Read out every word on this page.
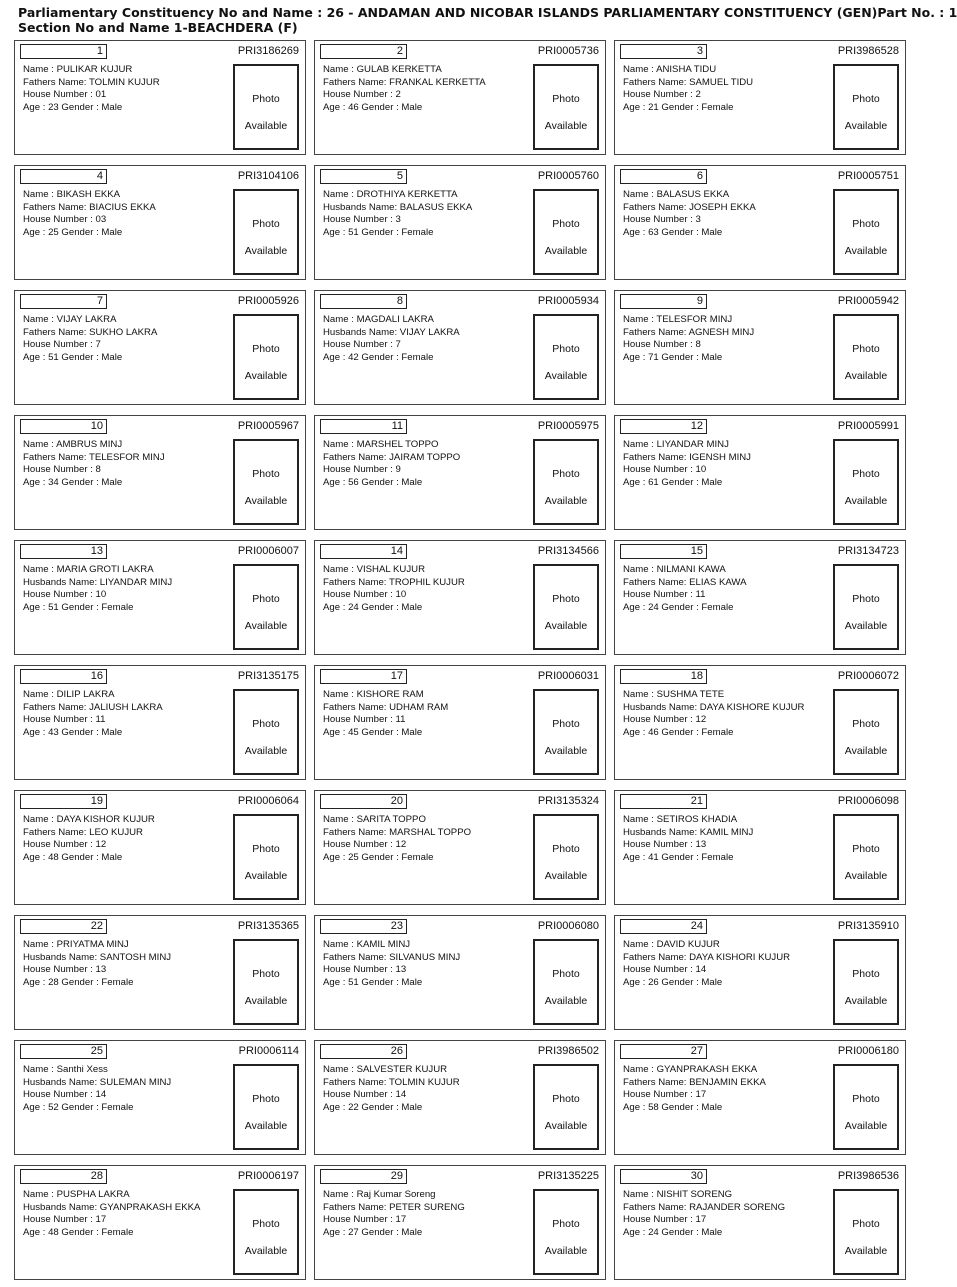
Parliamentary Constituency No and Name : 26 - ANDAMAN AND NICOBAR ISLANDS PARLIAMENTARY CONSTITUENCY (GEN) Part No. : 1
Section No and Name 1-BEACHDERA (F)
1	PRI3186269
Name : PULIKAR KUJUR
Fathers Name: TOLMIN KUJUR
House Number : 01
Age : 23 Gender : Male
Photo
Available
2	PRI0005736
Name : GULAB KERKETTA
Fathers Name: FRANKAL KERKETTA
House Number : 2
Age : 46 Gender : Male
Photo
Available
3	PRI3986528
Name : ANISHA TIDU
Fathers Name: SAMUEL TIDU
House Number : 2
Age : 21 Gender : Female
Photo
Available
4	PRI3104106
Name : BIKASH EKKA
Fathers Name: BIACIUS EKKA
House Number : 03
Age : 25 Gender : Male
Photo
Available
5	PRI0005760
Name : DROTHIYA KERKETTA
Husbands Name: BALASUS EKKA
House Number : 3
Age : 51 Gender : Female
Photo
Available
6	PRI0005751
Name : BALASUS EKKA
Fathers Name: JOSEPH EKKA
House Number : 3
Age : 63 Gender : Male
Photo
Available
7	PRI0005926
Name : VIJAY LAKRA
Fathers Name: SUKHO LAKRA
House Number : 7
Age : 51 Gender : Male
Photo
Available
8	PRI0005934
Name : MAGDALI LAKRA
Husbands Name: VIJAY LAKRA
House Number : 7
Age : 42 Gender : Female
Photo
Available
9	PRI0005942
Name : TELESFOR MINJ
Fathers Name: AGNESH MINJ
House Number : 8
Age : 71 Gender : Male
Photo
Available
10	PRI0005967
Name : AMBRUS MINJ
Fathers Name: TELESFOR MINJ
House Number : 8
Age : 34 Gender : Male
Photo
Available
11	PRI0005975
Name : MARSHEL TOPPO
Fathers Name: JAIRAM TOPPO
House Number : 9
Age : 56 Gender : Male
Photo
Available
12	PRI0005991
Name : LIYANDAR MINJ
Fathers Name: IGENSH MINJ
House Number : 10
Age : 61 Gender : Male
Photo
Available
13	PRI0006007
Name : MARIA GROTI LAKRA
Husbands Name: LIYANDAR MINJ
House Number : 10
Age : 51 Gender : Female
Photo
Available
14	PRI3134566
Name : VISHAL KUJUR
Fathers Name: TROPHIL KUJUR
House Number : 10
Age : 24 Gender : Male
Photo
Available
15	PRI3134723
Name : NILMANI KAWA
Fathers Name: ELIAS KAWA
House Number : 11
Age : 24 Gender : Female
Photo
Available
16	PRI3135175
Name : DILIP LAKRA
Fathers Name: JALIUSH LAKRA
House Number : 11
Age : 43 Gender : Male
Photo
Available
17	PRI0006031
Name : KISHORE RAM
Fathers Name: UDHAM RAM
House Number : 11
Age : 45 Gender : Male
Photo
Available
18	PRI0006072
Name : SUSHMA TETE
Husbands Name: DAYA KISHORE KUJUR
House Number : 12
Age : 46 Gender : Female
Photo
Available
19	PRI0006064
Name : DAYA KISHOR KUJUR
Fathers Name: LEO KUJUR
House Number : 12
Age : 48 Gender : Male
Photo
Available
20	PRI3135324
Name : SARITA TOPPO
Fathers Name: MARSHAL TOPPO
House Number : 12
Age : 25 Gender : Female
Photo
Available
21	PRI0006098
Name : SETIROS KHADIA
Husbands Name: KAMIL MINJ
House Number : 13
Age : 41 Gender : Female
Photo
Available
22	PRI3135365
Name : PRIYATMA MINJ
Husbands Name: SANTOSH MINJ
House Number : 13
Age : 28 Gender : Female
Photo
Available
23	PRI0006080
Name : KAMIL MINJ
Fathers Name: SILVANUS MINJ
House Number : 13
Age : 51 Gender : Male
Photo
Available
24	PRI3135910
Name : DAVID KUJUR
Fathers Name: DAYA KISHORI KUJUR
House Number : 14
Age : 26 Gender : Male
Photo
Available
25	PRI0006114
Name : Santhi Xess
Husbands Name: SULEMAN MINJ
House Number : 14
Age : 52 Gender : Female
Photo
Available
26	PRI3986502
Name : SALVESTER KUJUR
Fathers Name: TOLMIN KUJUR
House Number : 14
Age : 22 Gender : Male
Photo
Available
27	PRI0006180
Name : GYANPRAKASH EKKA
Fathers Name: BENJAMIN EKKA
House Number : 17
Age : 58 Gender : Male
Photo
Available
28	PRI0006197
Name : PUSPHA LAKRA
Husbands Name: GYANPRAKASH EKKA
House Number : 17
Age : 48 Gender : Female
Photo
Available
29	PRI3135225
Name : Raj Kumar Soreng
Fathers Name: PETER SURENG
House Number : 17
Age : 27 Gender : Male
Photo
Available
30	PRI3986536
Name : NISHIT SORENG
Fathers Name: RAJANDER SORENG
House Number : 17
Age : 24 Gender : Male
Photo
Available
